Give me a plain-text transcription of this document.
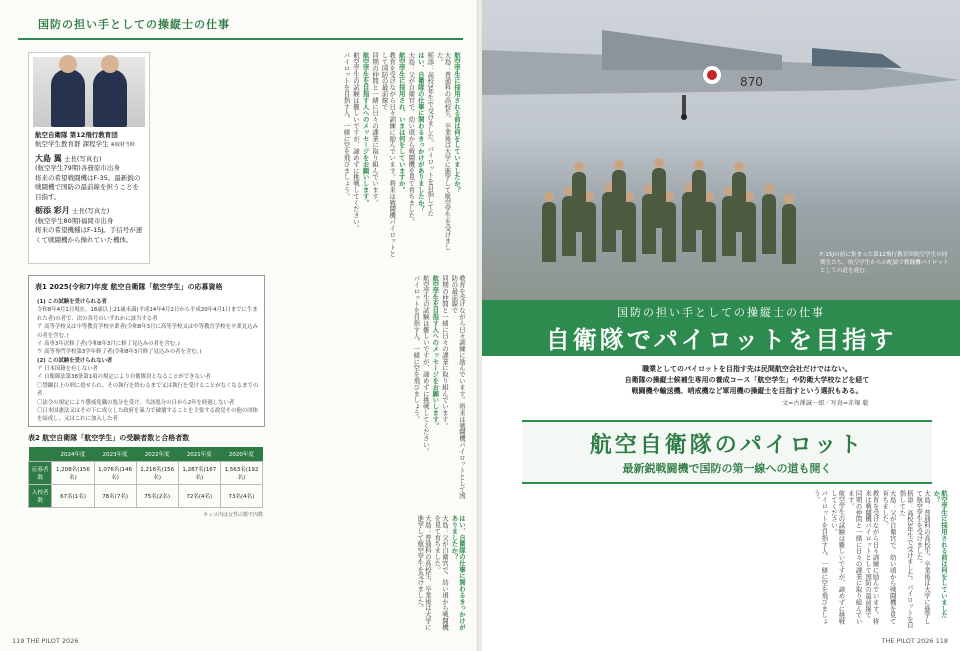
国防の担い手としての操縦士の仕事
航空自衛隊 第12飛行教育団
航空学生教育群 課程学生 ※取材当時
大島 翼 士長(写真右)
(航空学生79期)各務原市出身
将来の希望戦闘機はF-35。最新鋭の戦闘機で国防の最前線を担うことを目指す。
栃添 彩月 士長(写真左)
(航空学生80期)福岡市出身
将来の希望機種はF-15J。手信号が速くて戦闘機から操れていた機体。
航空学生に採用される前は何をしていましたか？
大島：普通科の高校生、卒業後は大学に進学して航空学生を受けました。
栃添：高校3年生で受けました。パイロットを目指してた
はい、自衛隊の仕事に関わるきっかけがありましたか？
大島：父が自衛官で、幼い頃から戦闘機を見て育ちました。
航空学生に採用され、いまは何をしていますか。
教育を受けながら日々訓練に励んでいます。将来は戦闘機パイロットとして国防の最前線で
同期の仲間と一緒に日々の課業に取り組んでいます。
航空学生を目指す人へのメッセージをお願いします。
航空学生の試験は難しいですが、諦めずに挑戦してください。
パイロットを目指す人、一緒に空を飛びましょう。
表1 2025(令和7)年度 航空自衛隊「航空学生」の応募資格
(1) この試験を受けられる者
令和8年4月1日現在、18歳以上21歳未満(平成14年4月2日から平成20年4月1日までに生まれた者)の者で、次の各号のいずれかに該当する者
ア 高等学校又は中等教育学校卒業者(令和8年3月に高等学校又は中等教育学校を卒業見込みの者を含む。)
イ 高専3年次修了者(令和8年3月に修了見込みの者を含む。)
ウ 高等専門学校第3学年修了者(令和8年3月修了見込みの者を含む。)
(2) この試験を受けられない者
ア 日本国籍を有しない者
イ 自衛隊法第38条第1項の規定により自衛隊員となることができない者
〇禁錮以上の刑に処せられ、その執行を終わるまで又は執行を受けることがなくなるまでの者
〇法令の規定により懲戒免職の処分を受け、当該処分の日から2年を経過しない者
〇日本国憲法又はその下に成立した政府を暴力で破壊することを主張する政党その他の団体を結成し、又はこれに加入した者	教育を受けながら日々訓練に励んでいます。将来は戦闘機パイロットとして国防の最前線で
同期の仲間と一緒に日々の課業に取り組んでいます。
航空学生を目指す人へのメッセージをお願いします。
航空学生の試験は難しいですが、諦めずに挑戦してください。
パイロットを目指す人、一緒に空を飛びましょう。
表2 航空自衛隊「航空学生」の受験者数と合格者数
	2024年度	2023年度	2022年度	2021年度	2020年度
応募者数	1,208名(156名)	1,076名(146名)	1,216名(156名)	1,287名(167名)	1,563名(192名)
入校者数	67名(1名)	78名(7名)	75名(2名)	72名(4名)	73名(4名)
カッコ内は女性の数で内数	はい、自衛隊の仕事に関わるきっかけがありましたか？
大島：父が自衛官で、幼い頃から戦闘機を見て育ちました。
大島：普通科の高校生、卒業後は大学に進学して航空学生を受けました。
119 THE PILOT 2026
870
F-15Jの前に集まった第12飛行教育団航空学生の同期生たち。航空学生からの配属で戦闘機パイロットとしての道を進む。
国防の担い手としての操縦士の仕事
自衛隊でパイロットを目指す
職業としてのパイロットを目指す先は民間航空会社だけではない。
自衛隊の操縦士候補生専用の養成コース「航空学生」や防衛大学校などを経て
戦闘機や輸送機、哨戒機など軍用機の操縦士を目指すという選択もある。
文=古澤誠一郎／写真=赤塚 聡
航空自衛隊のパイロット
最新鋭戦闘機で国防の第一線への道も開く
航空学生に採用される前は何をしていましたか？
大島：普通科の高校生、卒業後は大学に進学して航空学生を受けました。
栃添：高校3年生で受けました。パイロットを目指してた
大島：父が自衛官で、幼い頃から戦闘機を見て育ちました。
教育を受けながら日々訓練に励んでいます。将来は戦闘機パイロットとして国防の最前線で
同期の仲間と一緒に日々の課業に取り組んでいます。
航空学生の試験は難しいですが、諦めずに挑戦してください。
パイロットを目指す人、一緒に空を飛びましょう。
THE PILOT 2026 118
